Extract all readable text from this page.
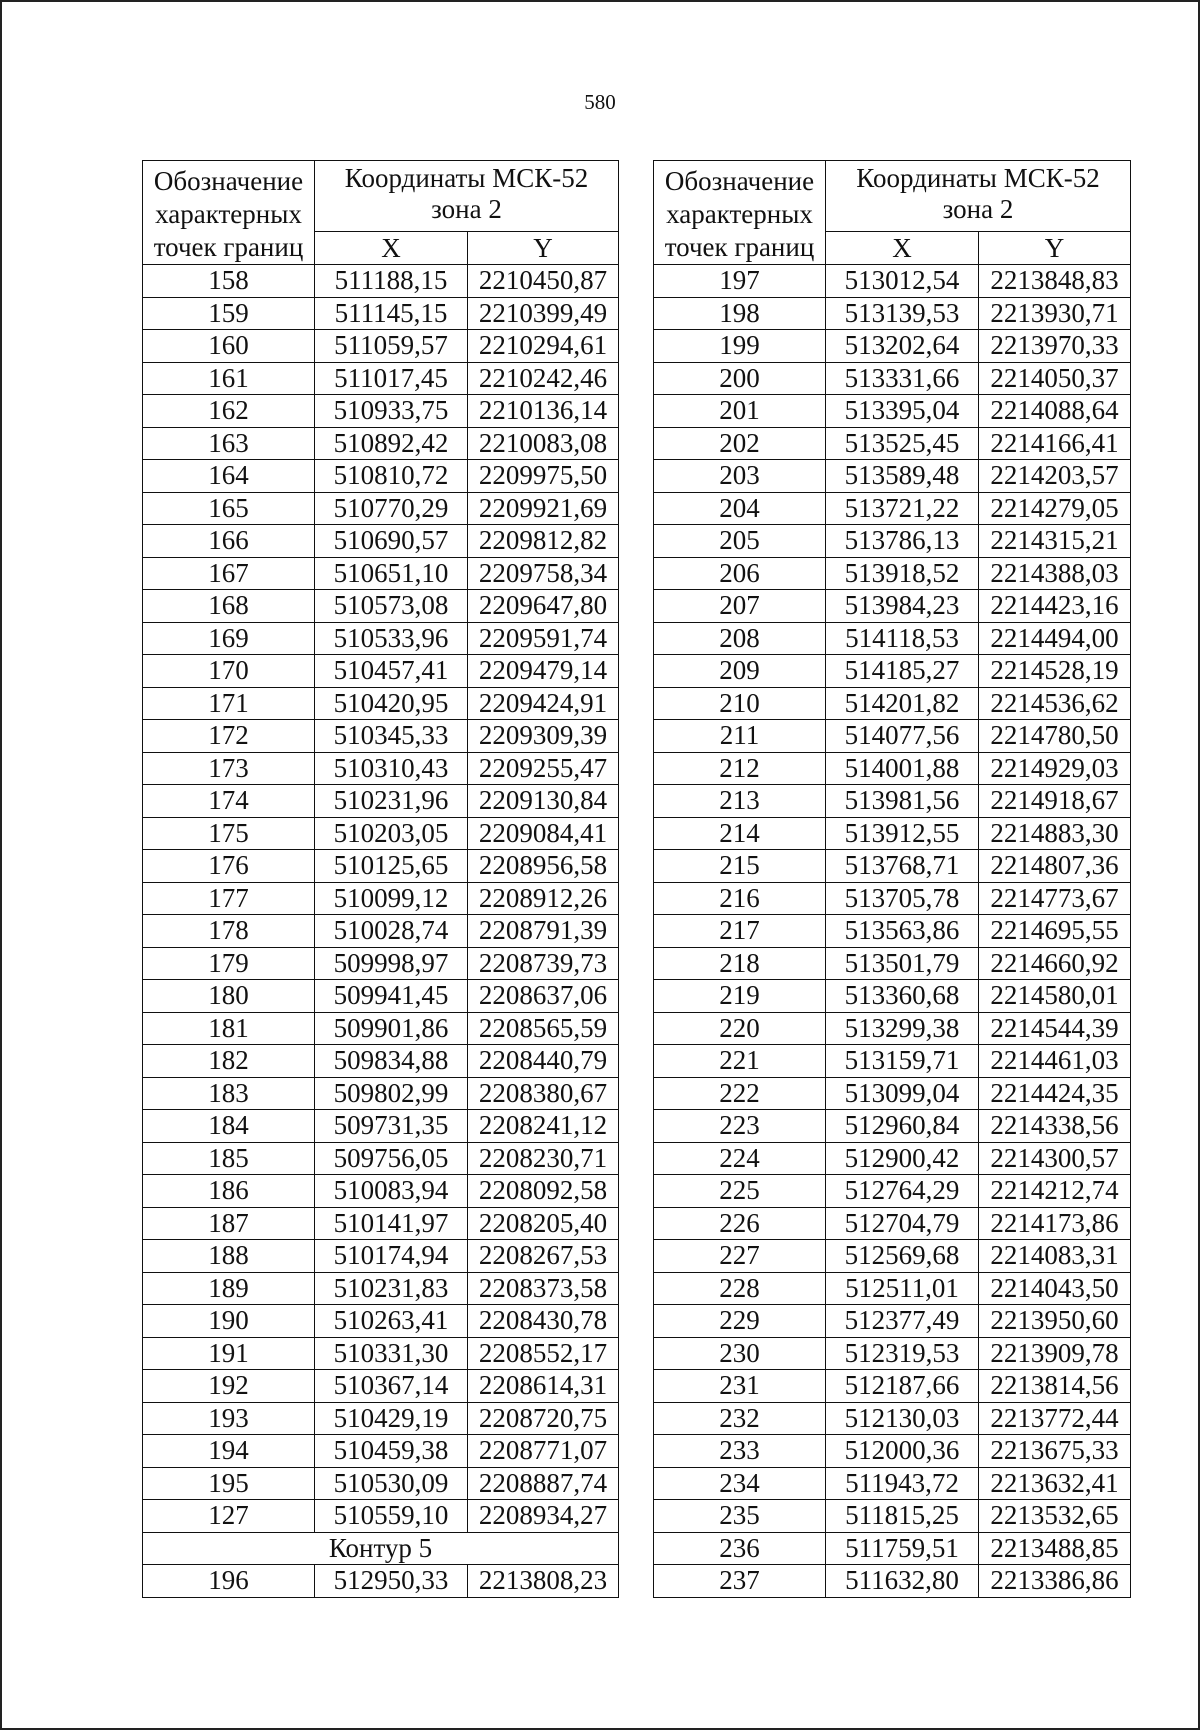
580
Обозначение
характерных
точек границ	Координаты МСК-52
зона 2	

	X	Y
158	511188,15	2210450,87
159	511145,15	2210399,49
160	511059,57	2210294,61
161	511017,45	2210242,46
162	510933,75	2210136,14
163	510892,42	2210083,08
164	510810,72	2209975,50
165	510770,29	2209921,69
166	510690,57	2209812,82
167	510651,10	2209758,34
168	510573,08	2209647,80
169	510533,96	2209591,74
170	510457,41	2209479,14
171	510420,95	2209424,91
172	510345,33	2209309,39
173	510310,43	2209255,47
174	510231,96	2209130,84
175	510203,05	2209084,41
176	510125,65	2208956,58
177	510099,12	2208912,26
178	510028,74	2208791,39
179	509998,97	2208739,73
180	509941,45	2208637,06
181	509901,86	2208565,59
182	509834,88	2208440,79
183	509802,99	2208380,67
184	509731,35	2208241,12
185	509756,05	2208230,71
186	510083,94	2208092,58
187	510141,97	2208205,40
188	510174,94	2208267,53
189	510231,83	2208373,58
190	510263,41	2208430,78
191	510331,30	2208552,17
192	510367,14	2208614,31
193	510429,19	2208720,75
194	510459,38	2208771,07
195	510530,09	2208887,74
127	510559,10	2208934,27
Контур 5		
196	512950,33	2213808,23
Обозначение
характерных
точек границ	Координаты МСК-52
зона 2	

	X	Y
197	513012,54	2213848,83
198	513139,53	2213930,71
199	513202,64	2213970,33
200	513331,66	2214050,37
201	513395,04	2214088,64
202	513525,45	2214166,41
203	513589,48	2214203,57
204	513721,22	2214279,05
205	513786,13	2214315,21
206	513918,52	2214388,03
207	513984,23	2214423,16
208	514118,53	2214494,00
209	514185,27	2214528,19
210	514201,82	2214536,62
211	514077,56	2214780,50
212	514001,88	2214929,03
213	513981,56	2214918,67
214	513912,55	2214883,30
215	513768,71	2214807,36
216	513705,78	2214773,67
217	513563,86	2214695,55
218	513501,79	2214660,92
219	513360,68	2214580,01
220	513299,38	2214544,39
221	513159,71	2214461,03
222	513099,04	2214424,35
223	512960,84	2214338,56
224	512900,42	2214300,57
225	512764,29	2214212,74
226	512704,79	2214173,86
227	512569,68	2214083,31
228	512511,01	2214043,50
229	512377,49	2213950,60
230	512319,53	2213909,78
231	512187,66	2213814,56
232	512130,03	2213772,44
233	512000,36	2213675,33
234	511943,72	2213632,41
235	511815,25	2213532,65
236	511759,51	2213488,85
237	511632,80	2213386,86
